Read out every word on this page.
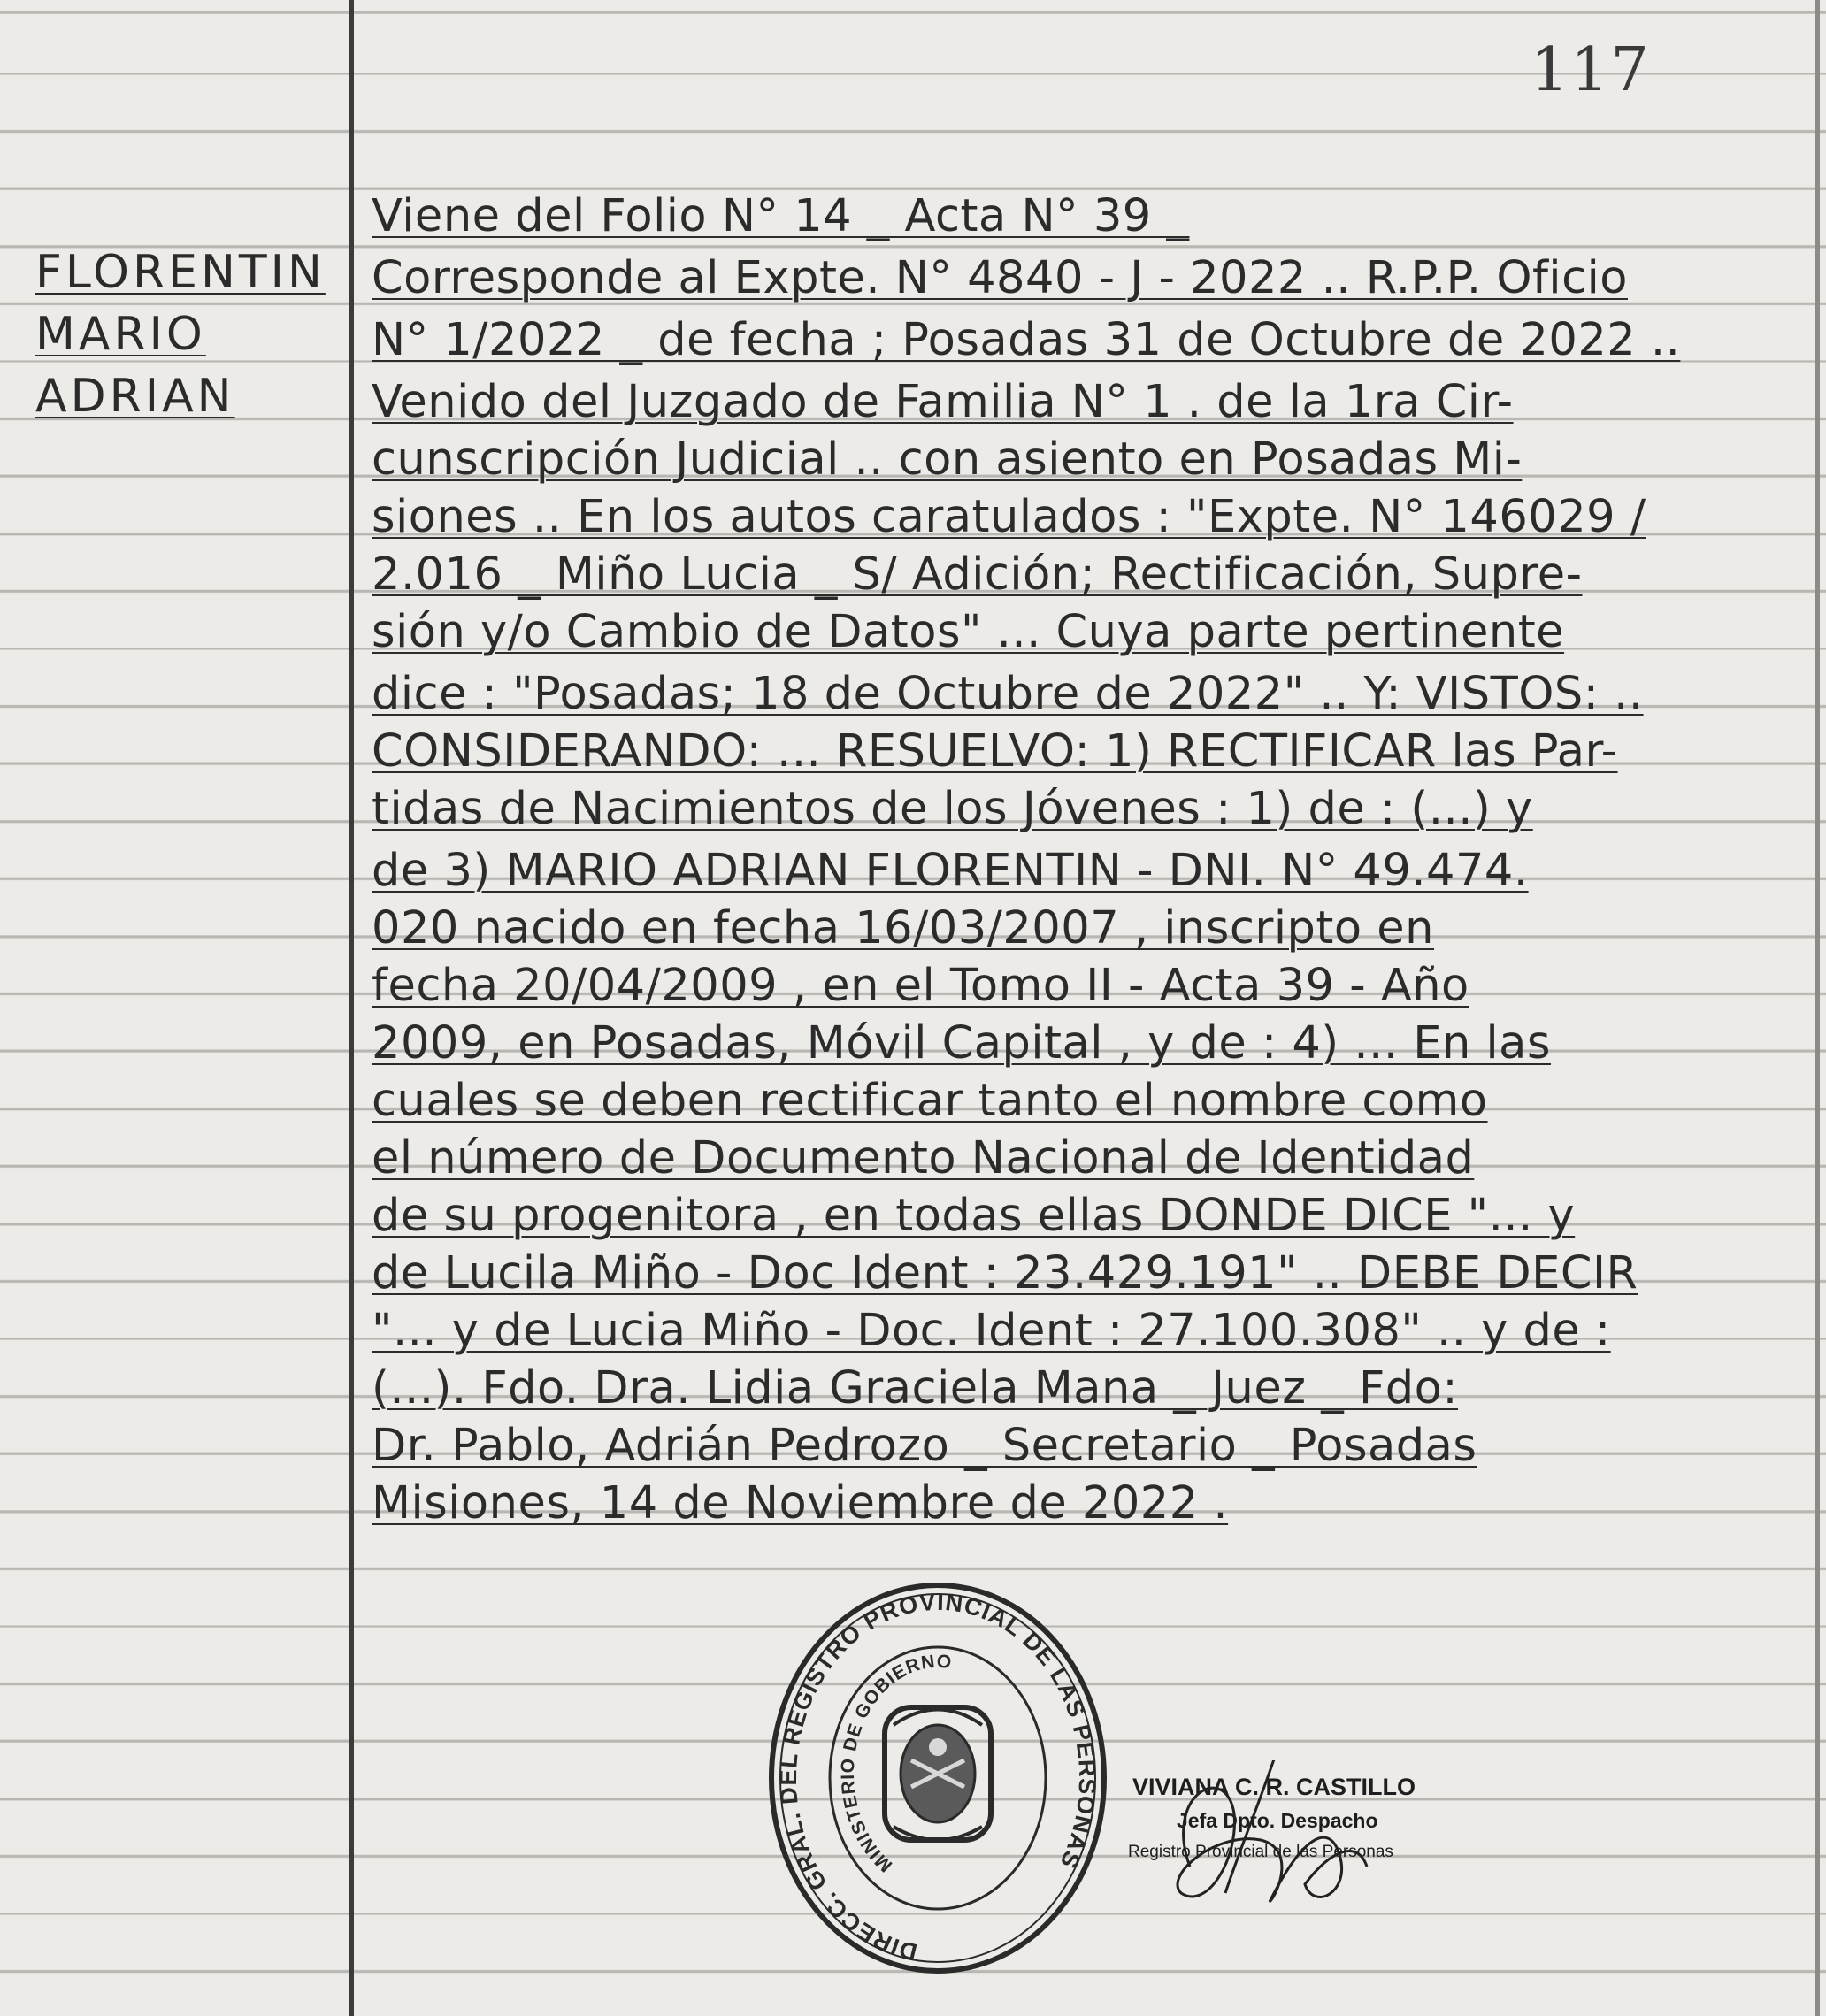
117
FLORENTIN
MARIO
ADRIAN
Viene del Folio N° 14 _ Acta N° 39 _
Corresponde al Expte. N° 4840 - J - 2022 .. R.P.P. Oficio
N° 1/2022 _ de fecha ; Posadas 31 de Octubre de 2022 ..
Venido del Juzgado de Familia N° 1 . de la 1ra Cir-
cunscripción Judicial .. con asiento en Posadas Mi-
siones .. En los autos caratulados : "Expte. N° 146029 /
2.016 _ Miño Lucia _ S/ Adición; Rectificación, Supre-
sión y/o Cambio de Datos" ... Cuya parte pertinente
dice : "Posadas; 18 de Octubre de 2022" .. Y: VISTOS: ..
CONSIDERANDO: ... RESUELVO: 1) RECTIFICAR las Par-
tidas de Nacimientos de los Jóvenes : 1) de : (...) y
de 3) MARIO ADRIAN FLORENTIN - DNI. N° 49.474.
020 nacido en fecha 16/03/2007 , inscripto en
fecha 20/04/2009 , en el Tomo II - Acta 39 - Año
2009, en Posadas, Móvil Capital , y de : 4) ... En las
cuales se deben rectificar tanto el nombre como
el número de Documento Nacional de Identidad
de su progenitora , en todas ellas DONDE DICE "... y
de Lucila Miño - Doc Ident : 23.429.191" .. DEBE DECIR
"... y de Lucia Miño - Doc. Ident : 27.100.308" .. y de :
(...). Fdo. Dra. Lidia Graciela Mana _ Juez _ Fdo:
Dr. Pablo, Adrián Pedrozo _ Secretario _ Posadas
Misiones, 14 de Noviembre de 2022 .
DIRECC. GRAL. DEL REGISTRO PROVINCIAL DE LAS PERSONAS
MINISTERIO DE GOBIERNO
VIVIANA C. R. CASTILLO
Jefa Dpto. Despacho
Registro Provincial de las Personas
